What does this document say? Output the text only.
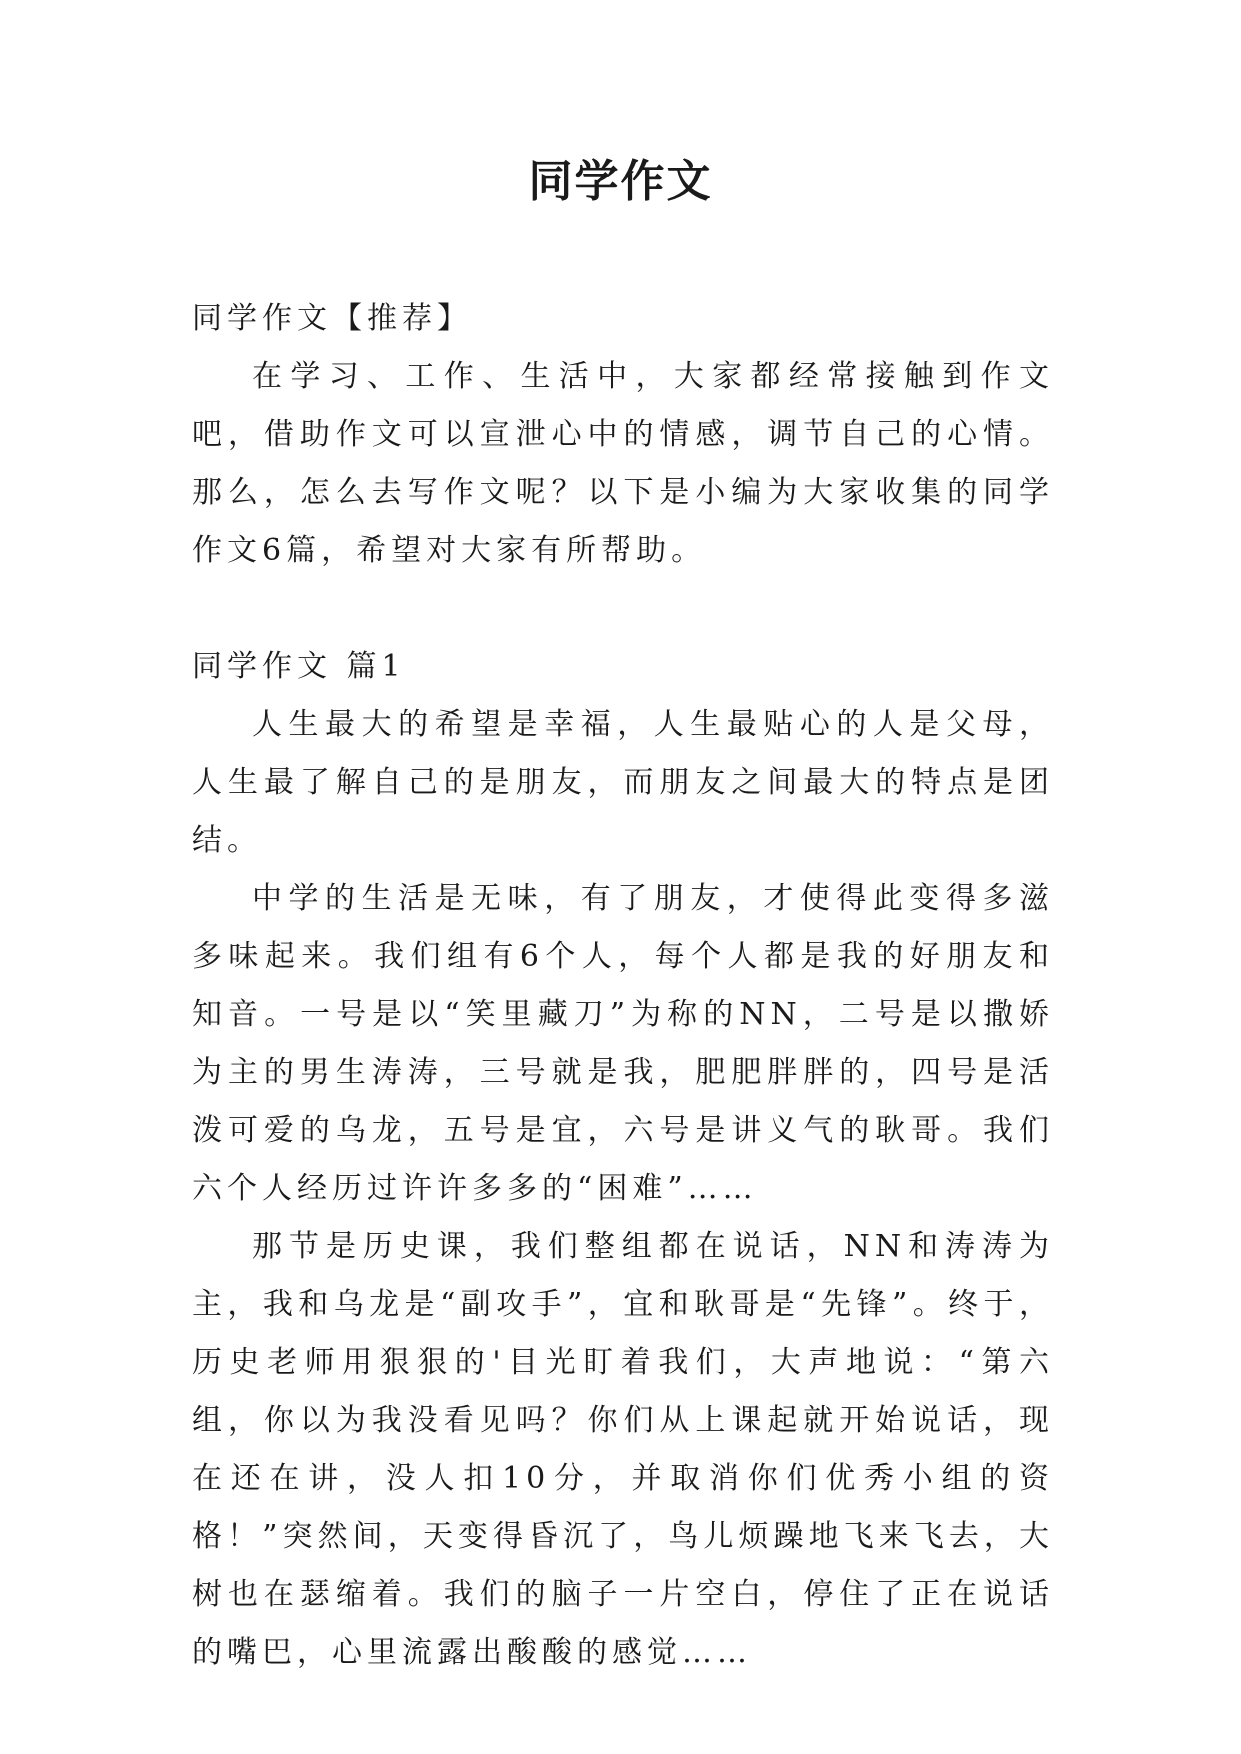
同学作文
同学作文【推荐】

在学习、工作、生活中，大家都经常接触到作文吧，借助作文可以宣泄心中的情感，调节自己的心情。那么，怎么去写作文呢？以下是小编为大家收集的同学作文6篇，希望对大家有所帮助。

同学作文 篇1

人生最大的希望是幸福，人生最贴心的人是父母，人生最了解自己的是朋友，而朋友之间最大的特点是团结。

中学的生活是无味，有了朋友，才使得此变得多滋多味起来。我们组有6个人，每个人都是我的好朋友和知音。一号是以“笑里藏刀”为称的NN，二号是以撒娇为主的男生涛涛，三号就是我，肥肥胖胖的，四号是活泼可爱的乌龙，五号是宜，六号是讲义气的耿哥。我们六个人经历过许许多多的“困难”……

那节是历史课，我们整组都在说话，NN和涛涛为主，我和乌龙是“副攻手”，宜和耿哥是“先锋”。终于，历史老师用狠狠的'目光盯着我们，大声地说：“第六组，你以为我没看见吗？你们从上课起就开始说话，现在还在讲，没人扣10分，并取消你们优秀小组的资格！”突然间，天变得昏沉了，鸟儿烦躁地飞来飞去，大树也在瑟缩着。我们的脑子一片空白，停住了正在说话的嘴巴，心里流露出酸酸的感觉……
